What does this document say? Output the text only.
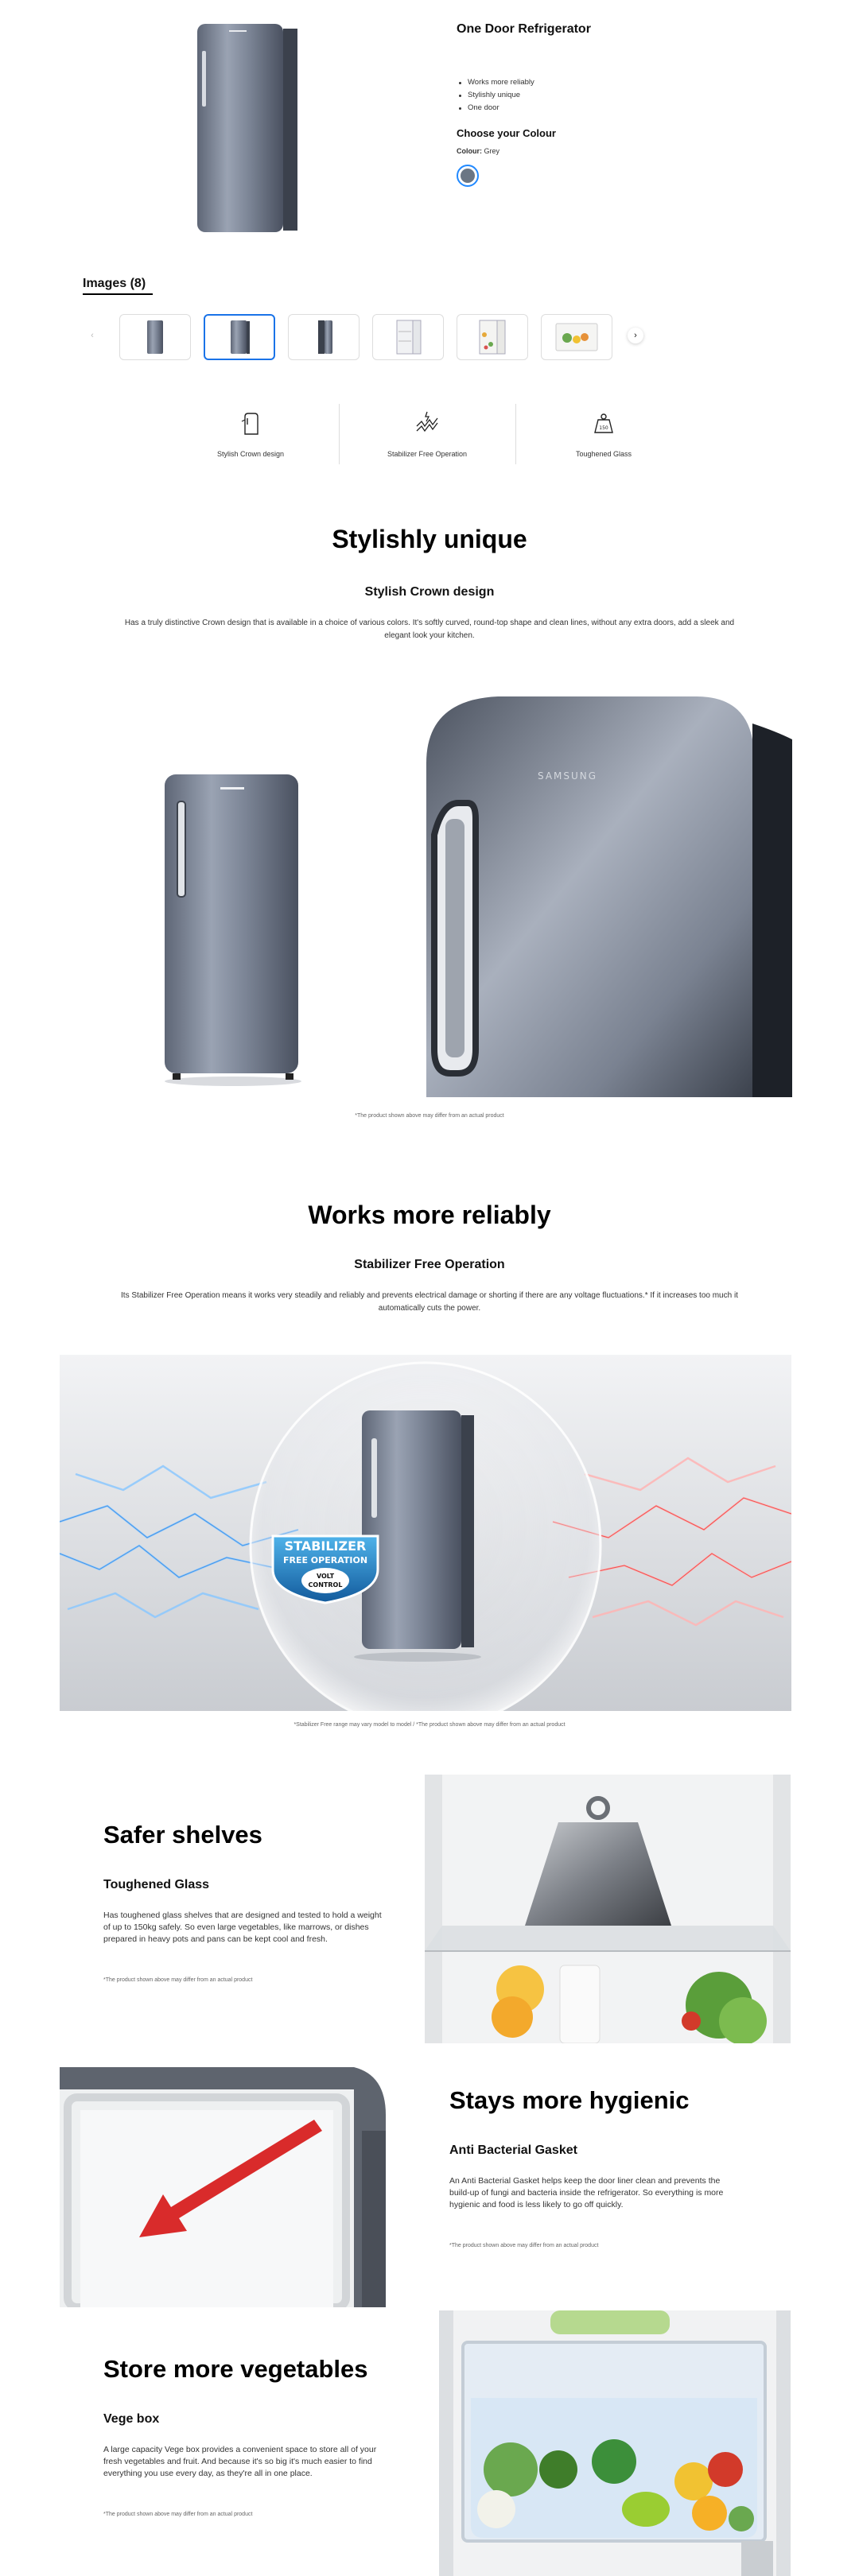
One Door Refrigerator
Works more reliably
Stylishly unique
One door
Choose your Colour
Colour: Grey
Images (8)
‹	›
Stylish Crown design	Stabilizer Free Operation
150
Toughened Glass
Stylishly unique
Stylish Crown design
Has a truly distinctive Crown design that is available in a choice of various colors. It's softly curved, round-top shape and clean lines, without any extra doors, add a sleek and elegant look your kitchen.
SAMSUNG
*The product shown above may differ from an actual product
Works more reliably
Stabilizer Free Operation
Its Stabilizer Free Operation means it works very steadily and reliably and prevents electrical damage or shorting if there are any voltage fluctuations.* If it increases too much it automatically cuts the power.
STABILIZER
FREE OPERATION
VOLT
CONTROL
*Stabilizer Free range may vary model to model / *The product shown above may differ from an actual product
Safer shelves
Toughened Glass
Has toughened glass shelves that are designed and tested to hold a weight of up to 150kg safely. So even large vegetables, like marrows, or dishes prepared in heavy pots and pans can be kept cool and fresh.
*The product shown above may differ from an actual product
Stays more hygienic
Anti Bacterial Gasket
An Anti Bacterial Gasket helps keep the door liner clean and prevents the build-up of fungi and bacteria inside the refrigerator. So everything is more hygienic and food is less likely to go off quickly.
*The product shown above may differ from an actual product
Store more vegetables
Vege box
A large capacity Vege box provides a convenient space to store all of your fresh vegetables and fruit. And because it's so big it's much easier to find everything you use every day, as they're all in one place.
*The product shown above may differ from an actual product
